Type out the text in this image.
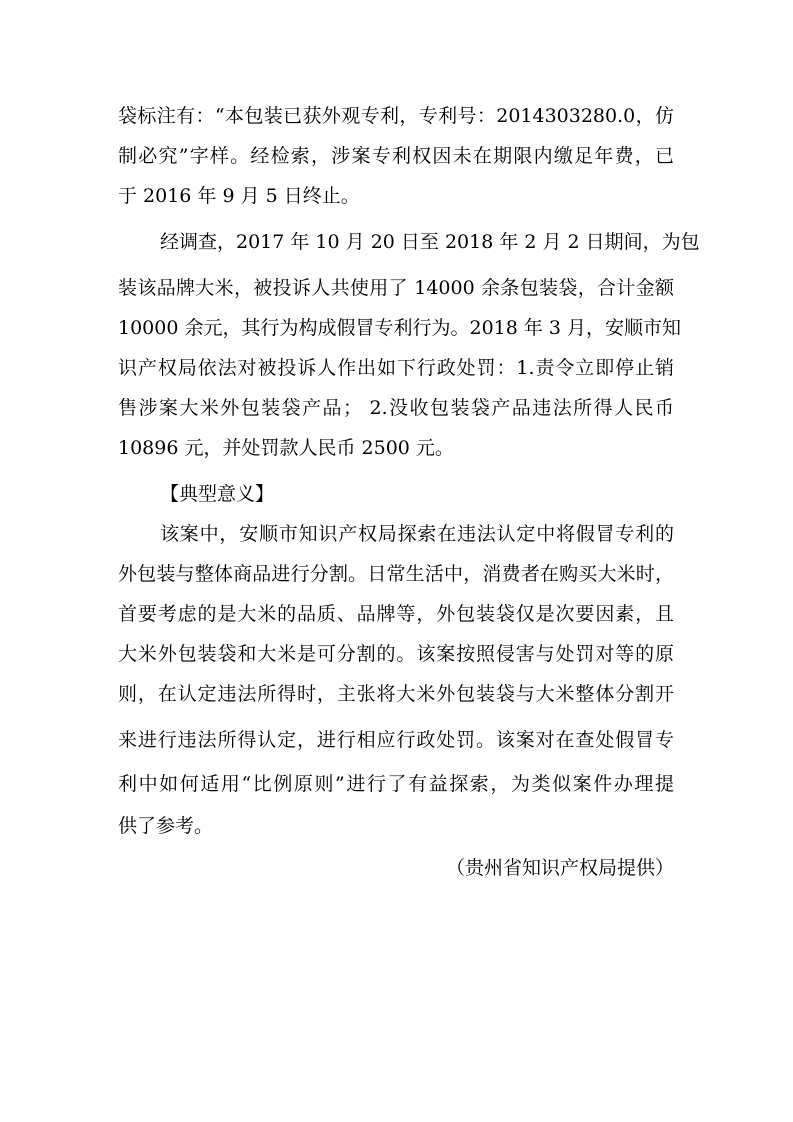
袋标注有：“本包装已获外观专利，专利号：2014303280.0，仿
制必究”字样。经检索，涉案专利权因未在期限内缴足年费，已
于 2016 年 9 月 5 日终止。
经调查，2017 年 10 月 20 日至 2018 年 2 月 2 日期间，为包
装该品牌大米，被投诉人共使用了 14000 余条包装袋，合计金额
10000 余元，其行为构成假冒专利行为。2018 年 3 月，安顺市知
识产权局依法对被投诉人作出如下行政处罚：1.责令立即停止销
售涉案大米外包装袋产品； 2.没收包装袋产品违法所得人民币
10896 元，并处罚款人民币 2500 元。
【典型意义】
该案中，安顺市知识产权局探索在违法认定中将假冒专利的
外包装与整体商品进行分割。日常生活中，消费者在购买大米时，
首要考虑的是大米的品质、品牌等，外包装袋仅是次要因素，且
大米外包装袋和大米是可分割的。该案按照侵害与处罚对等的原
则，在认定违法所得时，主张将大米外包装袋与大米整体分割开
来进行违法所得认定，进行相应行政处罚。该案对在查处假冒专
利中如何适用“比例原则”进行了有益探索，为类似案件办理提
供了参考。
（贵州省知识产权局提供）
